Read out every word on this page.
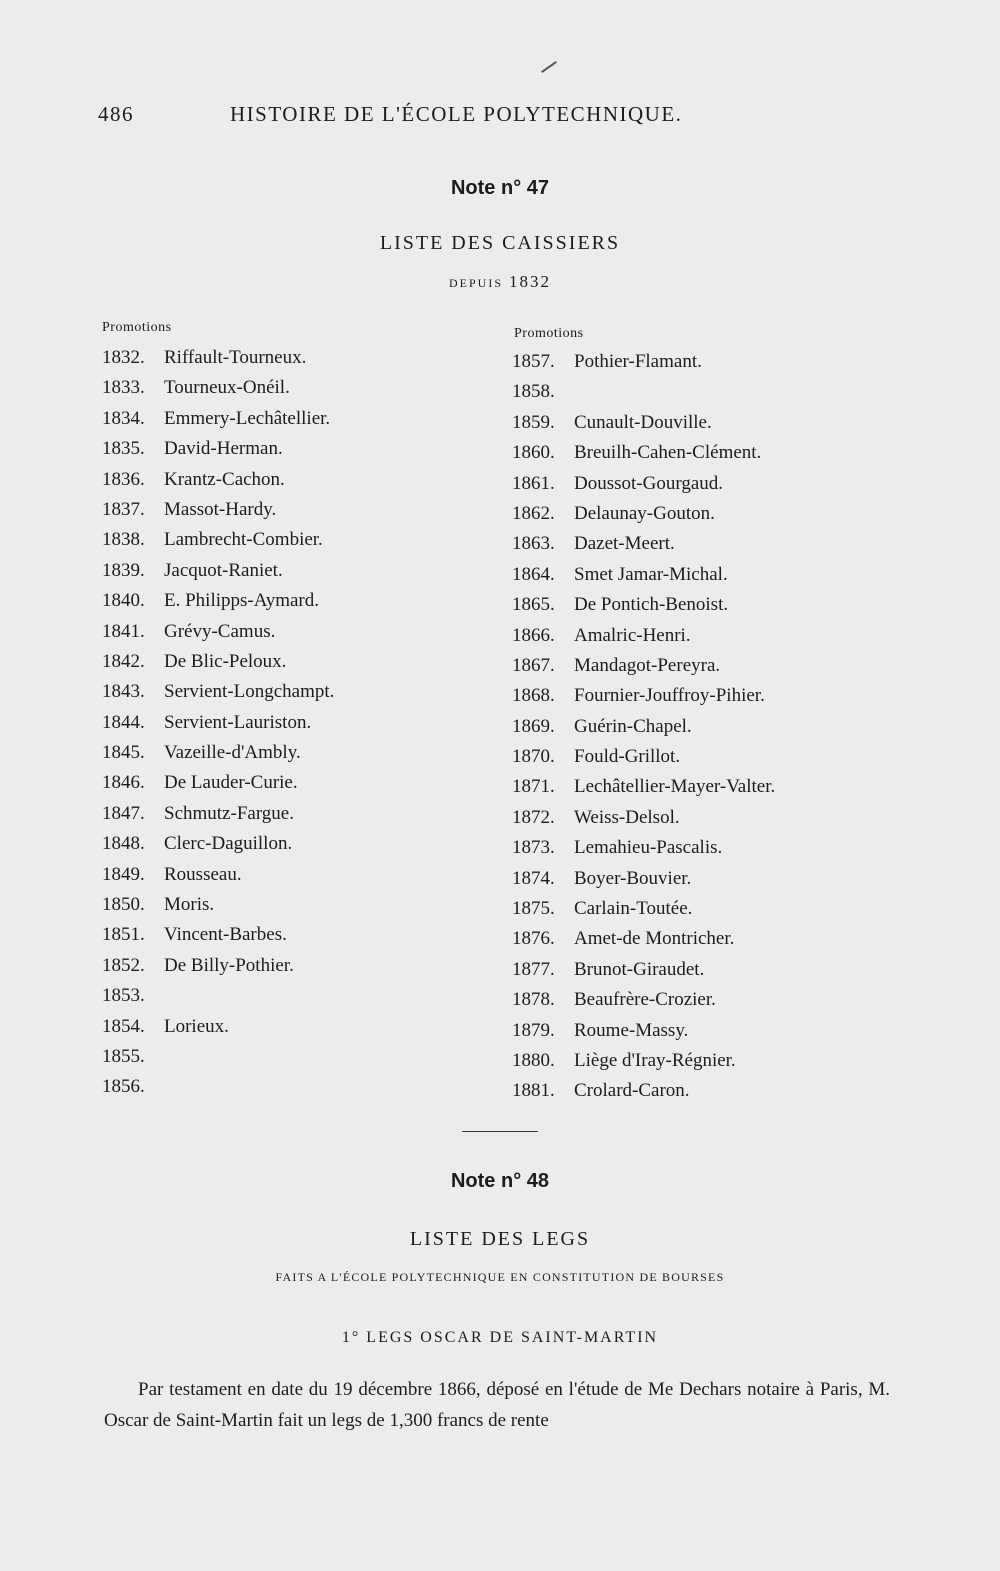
486	HISTOIRE DE L'ÉCOLE POLYTECHNIQUE.
Note n° 47
LISTE DES CAISSIERS
DEPUIS 1832
Promotions	Promotions
1832. Riffault-Tourneux.
1833. Tourneux-Onéil.
1834. Emmery-Lechâtellier.
1835. David-Herman.
1836. Krantz-Cachon.
1837. Massot-Hardy.
1838. Lambrecht-Combier.
1839. Jacquot-Raniet.
1840. E. Philipps-Aymard.
1841. Grévy-Camus.
1842. De Blic-Peloux.
1843. Servient-Longchampt.
1844. Servient-Lauriston.
1845. Vazeille-d'Ambly.
1846. De Lauder-Curie.
1847. Schmutz-Fargue.
1848. Clerc-Daguillon.
1849. Rousseau.
1850. Moris.
1851. Vincent-Barbes.
1852. De Billy-Pothier.
1853.
1854. Lorieux.
1855.
1856.
1857. Pothier-Flamant.
1858.
1859. Cunault-Douville.
1860. Breuilh-Cahen-Clément.
1861. Doussot-Gourgaud.
1862. Delaunay-Gouton.
1863. Dazet-Meert.
1864. Smet Jamar-Michal.
1865. De Pontich-Benoist.
1866. Amalric-Henri.
1867. Mandagot-Pereyra.
1868. Fournier-Jouffroy-Pihier.
1869. Guérin-Chapel.
1870. Fould-Grillot.
1871. Lechâtellier-Mayer-Valter.
1872. Weiss-Delsol.
1873. Lemahieu-Pascalis.
1874. Boyer-Bouvier.
1875. Carlain-Toutée.
1876. Amet-de Montricher.
1877. Brunot-Giraudet.
1878. Beaufrère-Crozier.
1879. Roume-Massy.
1880. Liège d'Iray-Régnier.
1881. Crolard-Caron.
Note n° 48
LISTE DES LEGS
FAITS A L'ÉCOLE POLYTECHNIQUE EN CONSTITUTION DE BOURSES
1° LEGS OSCAR DE SAINT-MARTIN

Par testament en date du 19 décembre 1866, déposé en l'étude de Me Dechars notaire à Paris, M. Oscar de Saint-Martin fait un legs de 1,300 francs de rente
